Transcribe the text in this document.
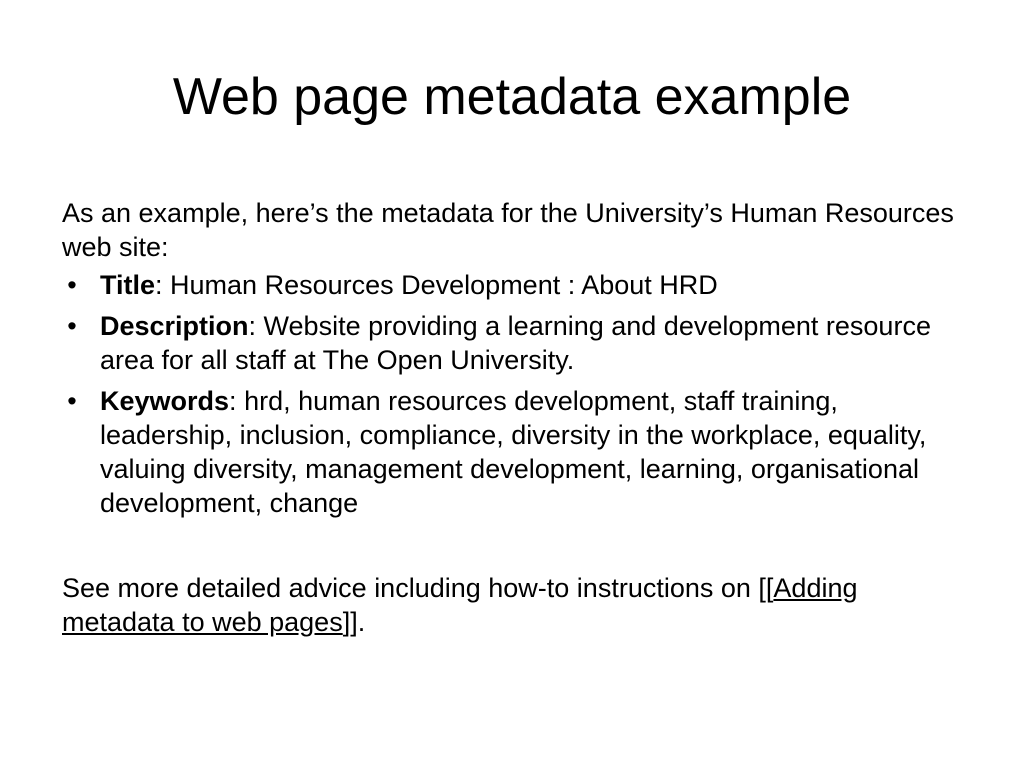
Web page metadata example

As an example, here’s the metadata for the University’s Human Resources web site:

• Title: Human Resources Development : About HRD
• Description: Website providing a learning and development resource area for all staff at The Open University.
• Keywords: hrd, human resources development, staff training, leadership, inclusion, compliance, diversity in the workplace, equality, valuing diversity, management development, learning, organisational development, change

See more detailed advice including how-to instructions on [[Adding metadata to web pages]].
